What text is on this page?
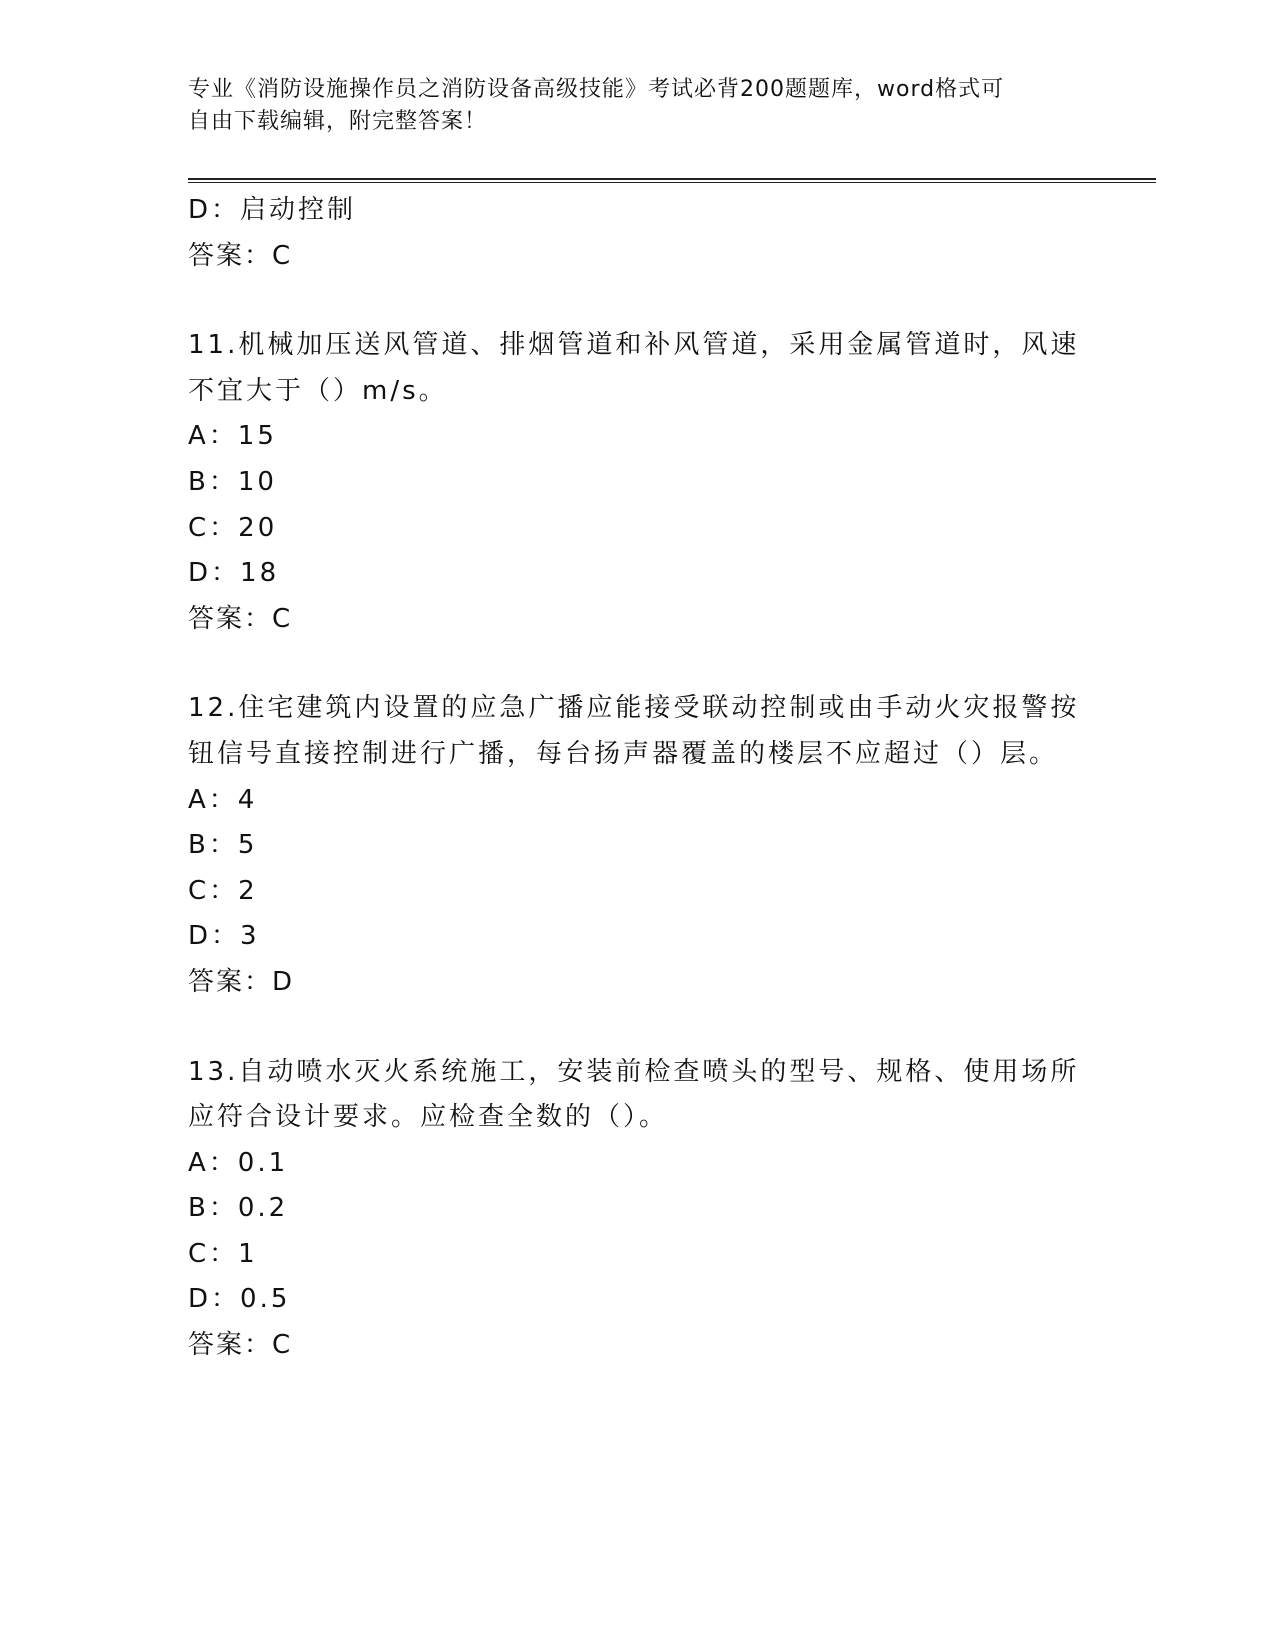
专业《消防设施操作员之消防设备高级技能》考试必背200题题库，word格式可
自由下载编辑，附完整答案！
D：启动控制
答案：C
11.机械加压送风管道、排烟管道和补风管道，采用金属管道时，风速
不宜大于（）m/s。
A：15
B：10
C：20
D：18
答案：C
12.住宅建筑内设置的应急广播应能接受联动控制或由手动火灾报警按
钮信号直接控制进行广播，每台扬声器覆盖的楼层不应超过（）层。
A：4
B：5
C：2
D：3
答案：D
13.自动喷水灭火系统施工，安装前检查喷头的型号、规格、使用场所
应符合设计要求。应检查全数的（）。
A：0.1
B：0.2
C：1
D：0.5
答案：C
